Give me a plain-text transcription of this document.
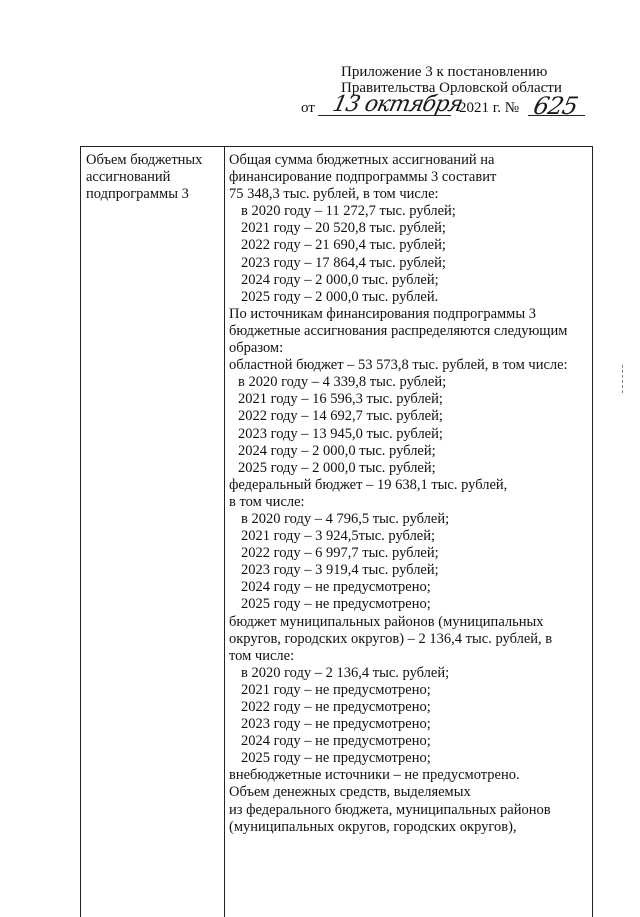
Приложение 3 к постановлению
Правительства Орловской области
от 13 октября
2021 г. № 625
Объем бюджетных
ассигнований
подпрограммы 3
Общая сумма бюджетных ассигнований на
финансирование подпрограммы 3 составит
75 348,3 тыс. рублей, в том числе:
в 2020 году – 11 272,7 тыс. рублей;
2021 году – 20 520,8 тыс. рублей;
2022 году – 21 690,4 тыс. рублей;
2023 году – 17 864,4 тыс. рублей;
2024 году – 2 000,0 тыс. рублей;
2025 году – 2 000,0 тыс. рублей.
По источникам финансирования подпрограммы 3
бюджетные ассигнования распределяются следующим
образом:
областной бюджет – 53 573,8 тыс. рублей, в том числе:
в 2020 году – 4 339,8 тыс. рублей;
2021 году – 16 596,3 тыс. рублей;
2022 году – 14 692,7 тыс. рублей;
2023 году – 13 945,0 тыс. рублей;
2024 году – 2 000,0 тыс. рублей;
2025 году – 2 000,0 тыс. рублей;
федеральный бюджет – 19 638,1 тыс. рублей,
в том числе:
в 2020 году – 4 796,5 тыс. рублей;
2021 году – 3 924,5тыс. рублей;
2022 году – 6 997,7 тыс. рублей;
2023 году – 3 919,4 тыс. рублей;
2024 году – не предусмотрено;
2025 году – не предусмотрено;
бюджет муниципальных районов (муниципальных
округов, городских округов) – 2 136,4 тыс. рублей, в
том числе:
в 2020 году – 2 136,4 тыс. рублей;
2021 году – не предусмотрено;
2022 году – не предусмотрено;
2023 году – не предусмотрено;
2024 году – не предусмотрено;
2025 году – не предусмотрено;
внебюджетные источники – не предусмотрено.
Объем денежных средств, выделяемых
из федерального бюджета, муниципальных районов
(муниципальных округов, городских округов),
